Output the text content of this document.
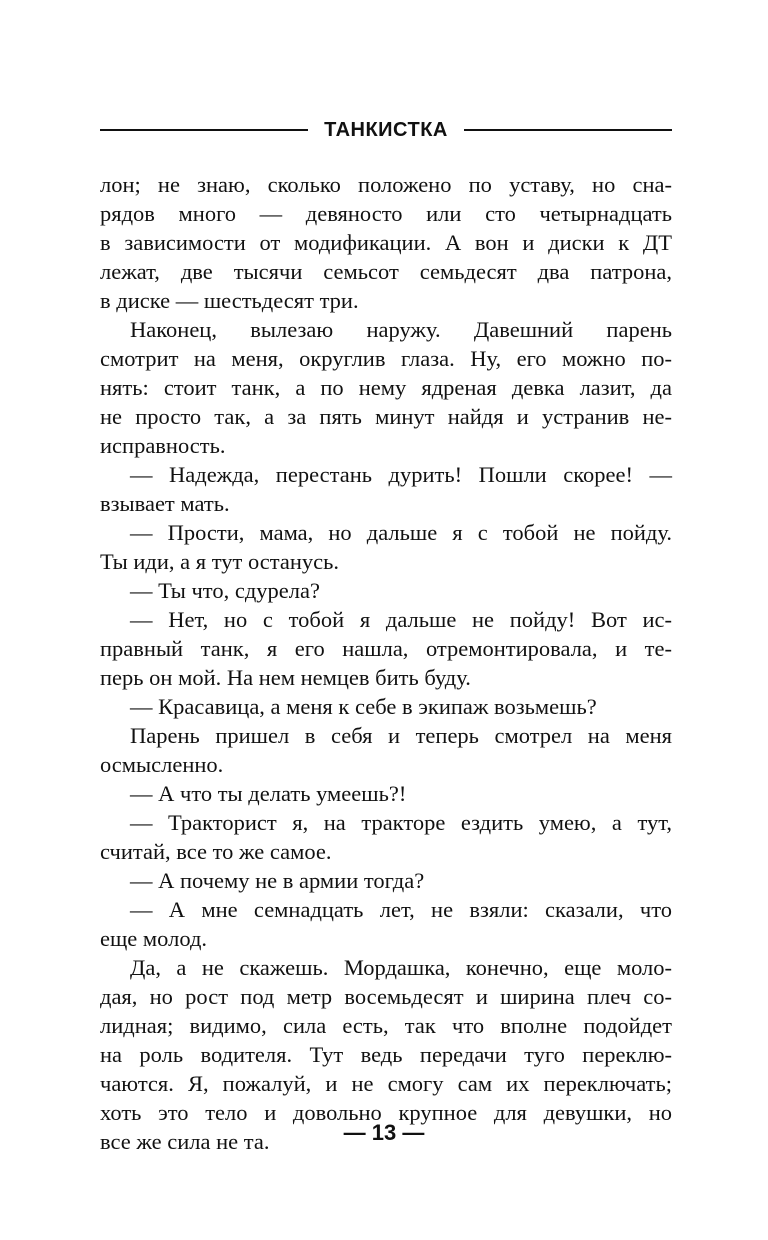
ТАНКИСТКА
лон; не знаю, сколько положено по уставу, но сна-
рядов много — девяносто или сто четырнадцать
в зависимости от модификации. А вон и диски к ДТ
лежат, две тысячи семьсот семьдесят два патрона,
в диске — шестьдесят три.
Наконец, вылезаю наружу. Давешний парень
смотрит на меня, округлив глаза. Ну, его можно по-
нять: стоит танк, а по нему ядреная девка лазит, да
не просто так, а за пять минут найдя и устранив не-
исправность.
— Надежда, перестань дурить! Пошли скорее! —
взывает мать.
— Прости, мама, но дальше я с тобой не пойду.
Ты иди, а я тут останусь.
— Ты что, сдурела?
— Нет, но с тобой я дальше не пойду! Вот ис-
правный танк, я его нашла, отремонтировала, и те-
перь он мой. На нем немцев бить буду.
— Красавица, а меня к себе в экипаж возьмешь?
Парень пришел в себя и теперь смотрел на меня
осмысленно.
— А что ты делать умеешь?!
— Тракторист я, на тракторе ездить умею, а тут,
считай, все то же самое.
— А почему не в армии тогда?
— А мне семнадцать лет, не взяли: сказали, что
еще молод.
Да, а не скажешь. Мордашка, конечно, еще моло-
дая, но рост под метр восемьдесят и ширина плеч со-
лидная; видимо, сила есть, так что вполне подойдет
на роль водителя. Тут ведь передачи туго переклю-
чаются. Я, пожалуй, и не смогу сам их переключать;
хоть это тело и довольно крупное для девушки, но
все же сила не та.	— 13 —
